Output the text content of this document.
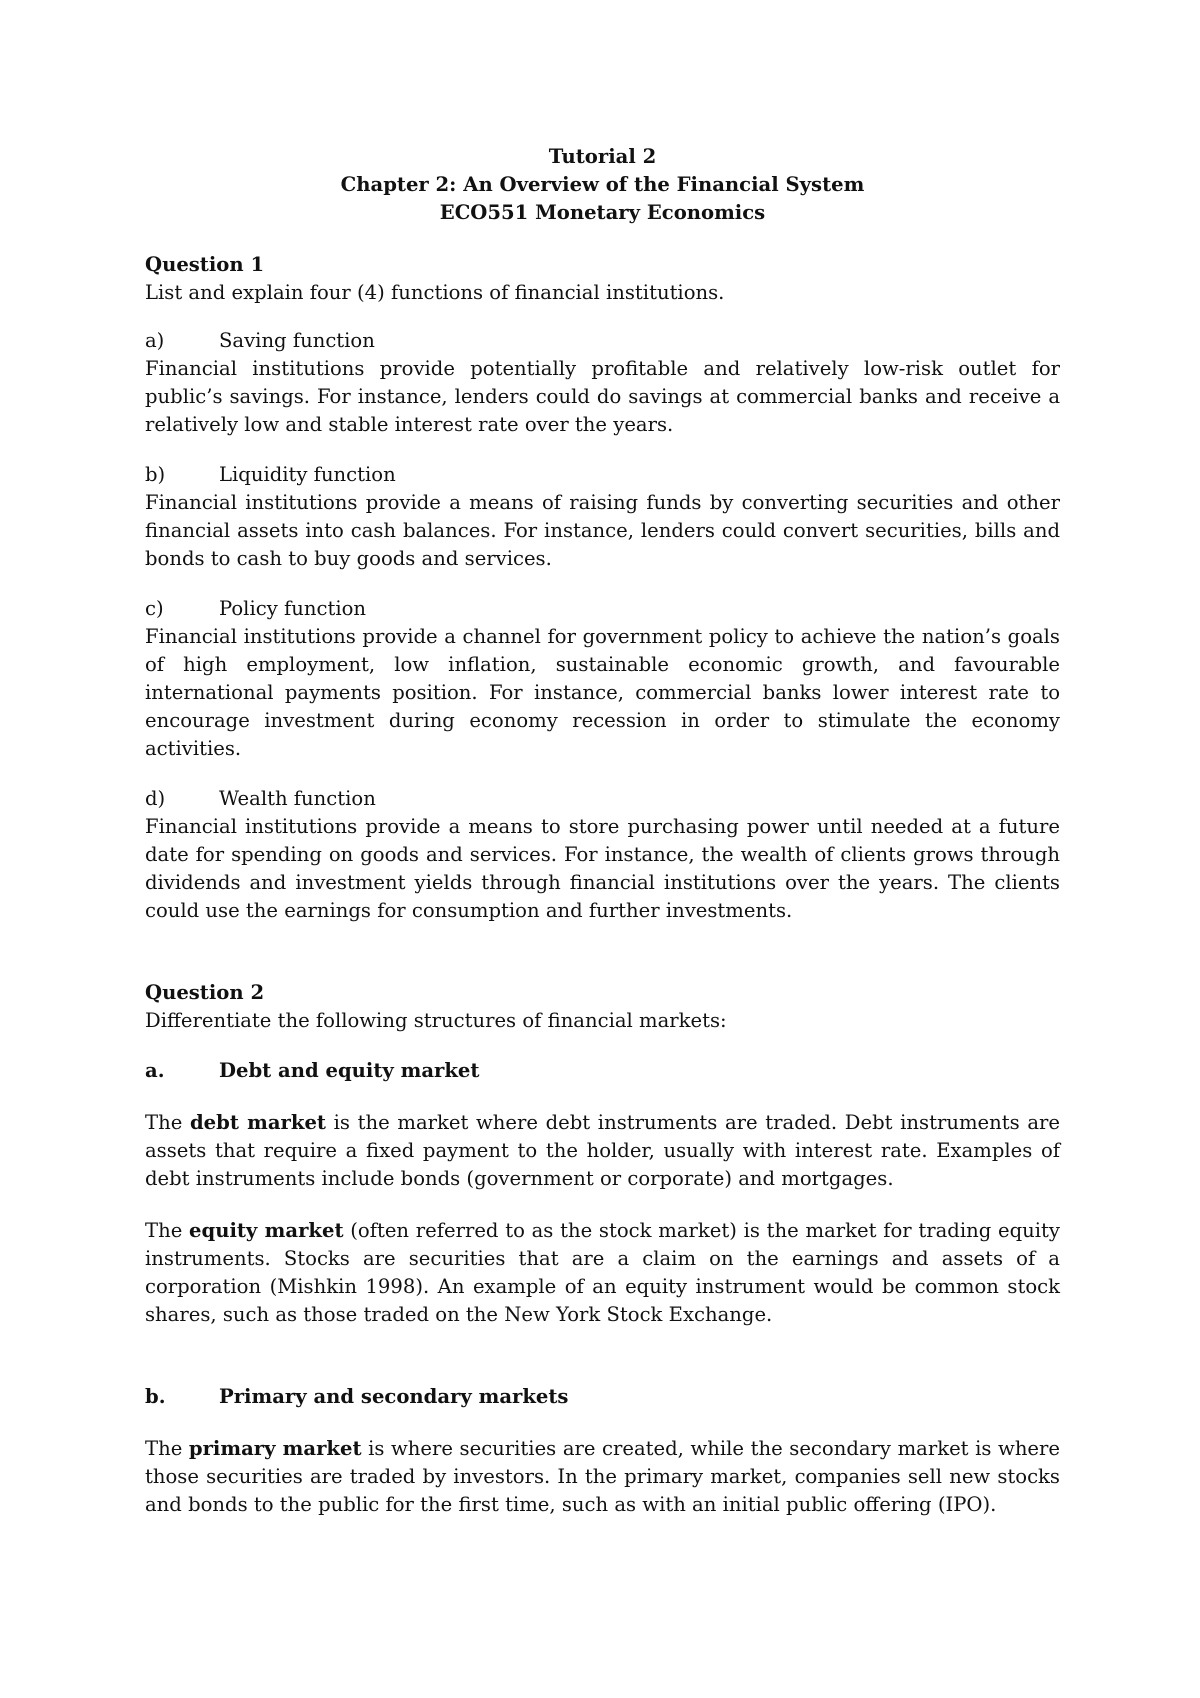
Tutorial 2

Chapter 2: An Overview of the Financial System

ECO551 Monetary Economics

Question 1

List and explain four (4) functions of financial institutions.

a)	Saving function

Financial institutions provide potentially profitable and relatively low-risk outlet for public’s savings. For instance, lenders could do savings at commercial banks and receive a relatively low and stable interest rate over the years.

b)	Liquidity function

Financial institutions provide a means of raising funds by converting securities and other financial assets into cash balances. For instance, lenders could convert securities, bills and bonds to cash to buy goods and services.

c)	Policy function

Financial institutions provide a channel for government policy to achieve the nation’s goals of high employment, low inflation, sustainable economic growth, and favourable international payments position. For instance, commercial banks lower interest rate to encourage investment during economy recession in order to stimulate the economy activities.

d)	Wealth function

Financial institutions provide a means to store purchasing power until needed at a future date for spending on goods and services. For instance, the wealth of clients grows through dividends and investment yields through financial institutions over the years. The clients could use the earnings for consumption and further investments.

Question 2

Differentiate the following structures of financial markets:

a.	Debt and equity market

The debt market is the market where debt instruments are traded. Debt instruments are assets that require a fixed payment to the holder, usually with interest rate. Examples of debt instruments include bonds (government or corporate) and mortgages.

The equity market (often referred to as the stock market) is the market for trading equity instruments. Stocks are securities that are a claim on the earnings and assets of a corporation (Mishkin 1998). An example of an equity instrument would be common stock shares, such as those traded on the New York Stock Exchange.

b.	Primary and secondary markets

The primary market is where securities are created, while the secondary market is where those securities are traded by investors. In the primary market, companies sell new stocks and bonds to the public for the first time, such as with an initial public offering (IPO).
